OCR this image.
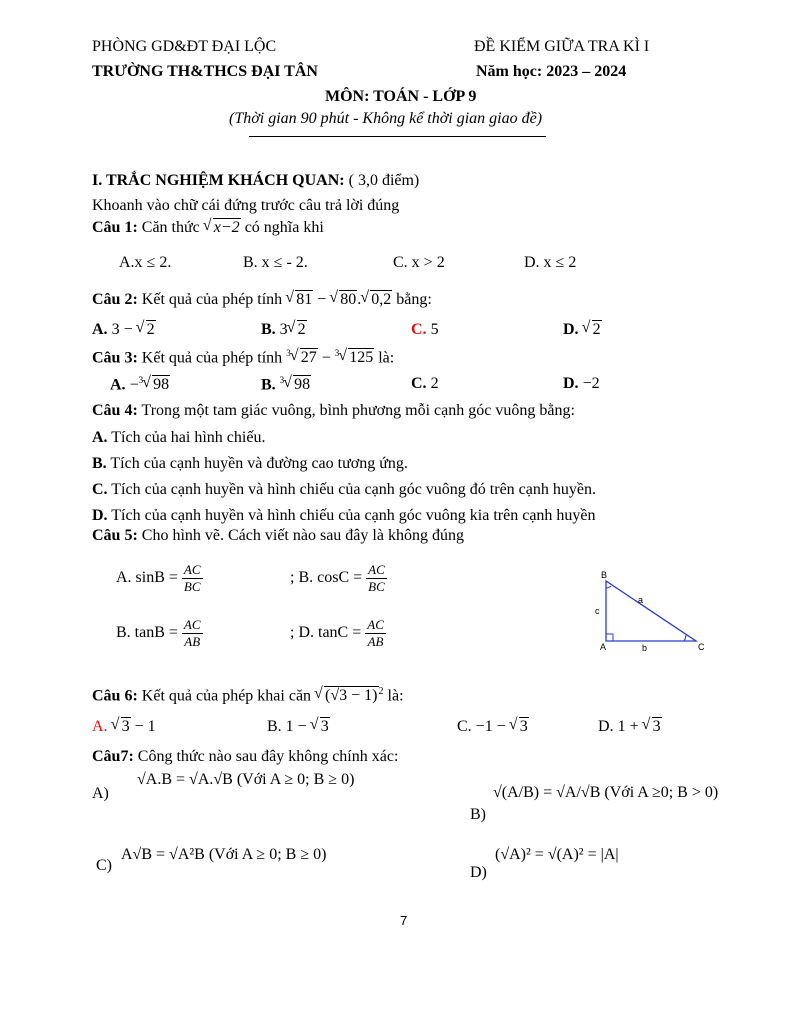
PHÒNG GD&ĐT ĐẠI LỘC	ĐỀ KIỂM GIỮA TRA KÌ I
TRƯỜNG TH&THCS ĐẠI TÂN	Năm học: 2023 – 2024
MÔN: TOÁN - LỚP 9
(Thời gian 90 phút - Không kể thời gian giao đề)
I. TRẮC NGHIỆM KHÁCH QUAN: ( 3,0 điểm)
Khoanh vào chữ cái đứng trước câu trả lời đúng
Câu 1: Căn thức √ x−2 có nghĩa khi
A.x ≤ 2.	B. x ≤ - 2.	C. x > 2	D. x ≤ 2
Câu 2: Kết quả của phép tính √ 81 − √ 80. √ 0,2 bằng:
A. 3 − √ 2	B. 3 √ 2	C. 5	D. √ 2
Câu 3: Kết quả của phép tính $^3$ √ 27 − $^3$ √ 125 là:
A. −$^3$ √ 98	B. $^3$ √ 98	C. 2	D. −2
Câu 4: Trong một tam giác vuông, bình phương mỗi cạnh góc vuông bằng:
A. Tích của hai hình chiếu.
B. Tích của cạnh huyền và đường cao tương ứng.
C. Tích của cạnh huyền và hình chiếu của cạnh góc vuông đó trên cạnh huyền.
D. Tích của cạnh huyền và hình chiếu của cạnh góc vuông kia trên cạnh huyền
Câu 5: Cho hình vẽ. Cách viết nào sau đây là không đúng
A. $\sin B = \frac{AC}{BC}$	; B. $\cos C = \frac{AC}{BC}$
B. $\tan B = \frac{AC}{AB}$	; D. $\tan C = \frac{AC}{AB}$
B
a
c
A	b	C
Câu 6: Kết quả của phép khai căn √ $(√3 - 1)^2$ là:
A. √ 3 − 1	B. 1 − √ 3	C. −1 − √ 3	D. 1 + √ 3
Câu7: Công thức nào sau đây không chính xác:
A)
√A.B = √A.√B (Với A ≥ 0; B ≥ 0)
B)
√(A/B) = √A/√B (Với A ≥0; B > 0)
C)
A√B = √A²B (Với A ≥ 0; B ≥ 0)
D)
(√A)² = √(A)² = |A|
7
